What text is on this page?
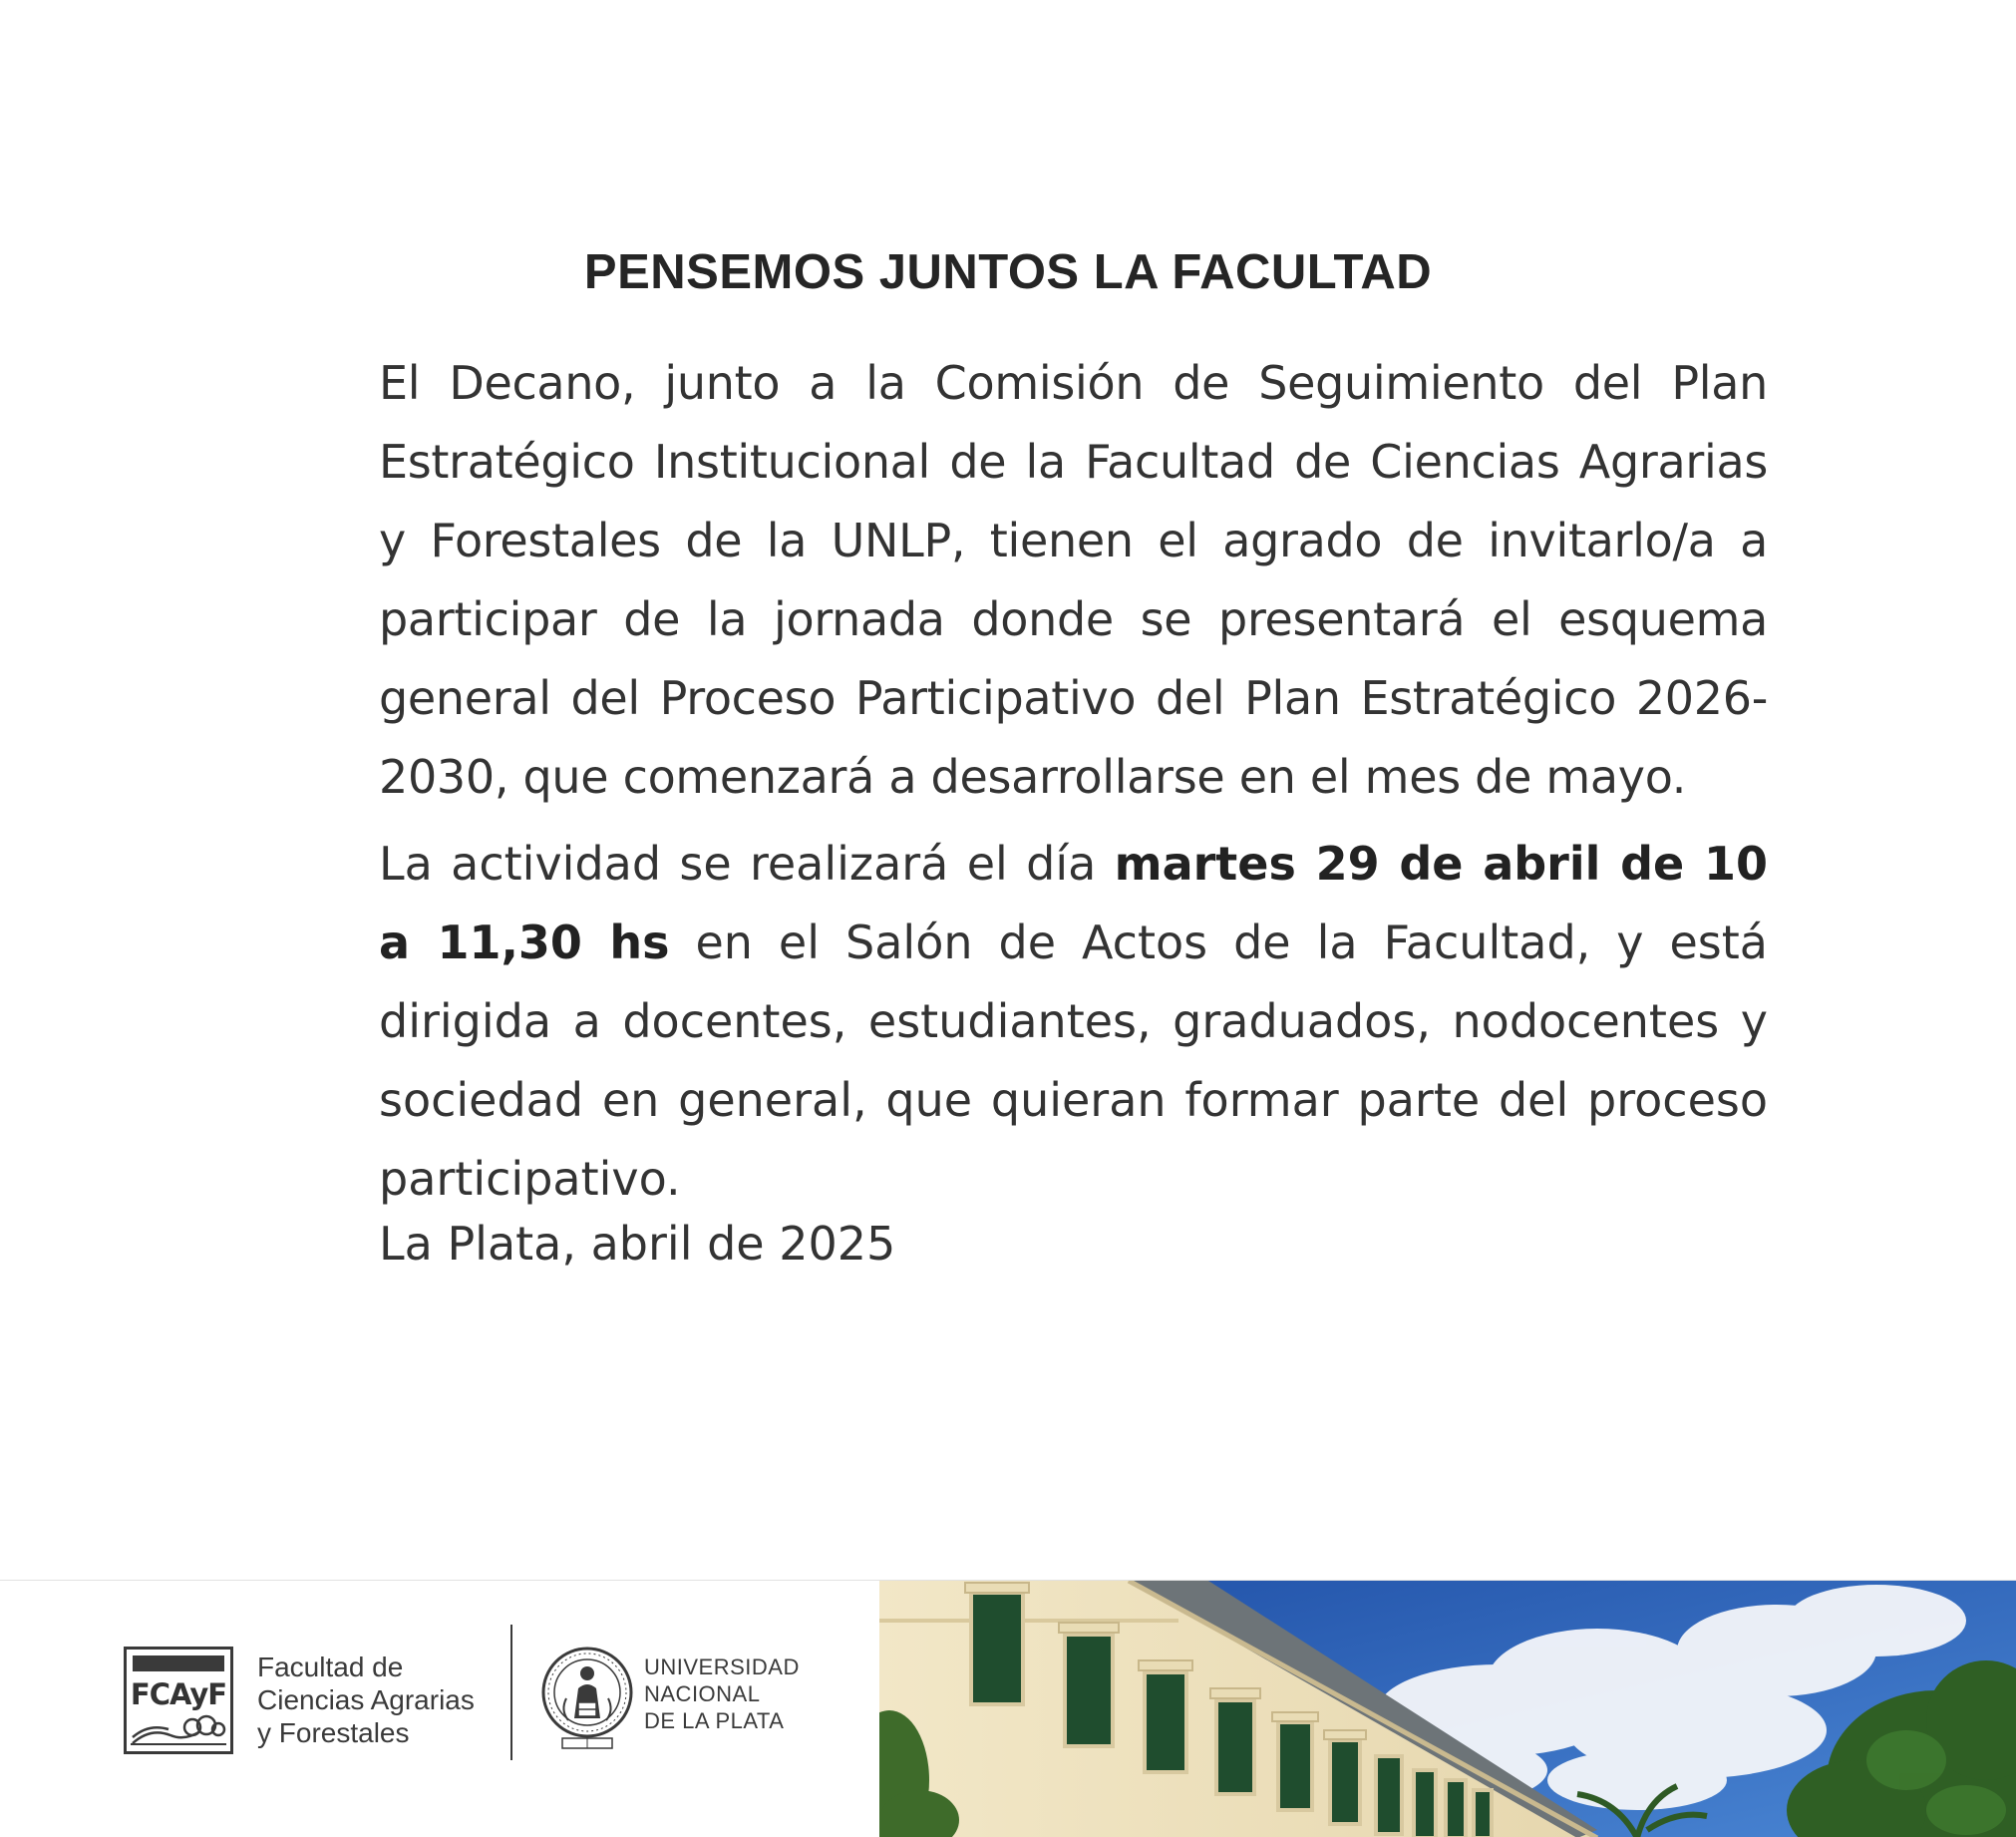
PENSEMOS JUNTOS LA FACULTAD

El Decano, junto a la Comisión de Seguimiento del Plan Estratégico Institucional de la Facultad de Ciencias Agrarias y Forestales de la UNLP, tienen el agrado de invitarlo/a a participar de la jornada donde se presentará el esquema general del Proceso Participativo del Plan Estratégico 2026-2030, que comenzará a desarrollarse en el mes de mayo.

La actividad se realizará el día martes 29 de abril de 10 a 11,30 hs en el Salón de Actos de la Facultad, y está dirigida a docentes, estudiantes, graduados, nodocentes y sociedad en general, que quieran formar parte del proceso participativo.

La Plata, abril de 2025

FCAyF
Facultad de
Ciencias Agrarias
y Forestales
UNIVERSIDAD
NACIONAL
DE LA PLATA
